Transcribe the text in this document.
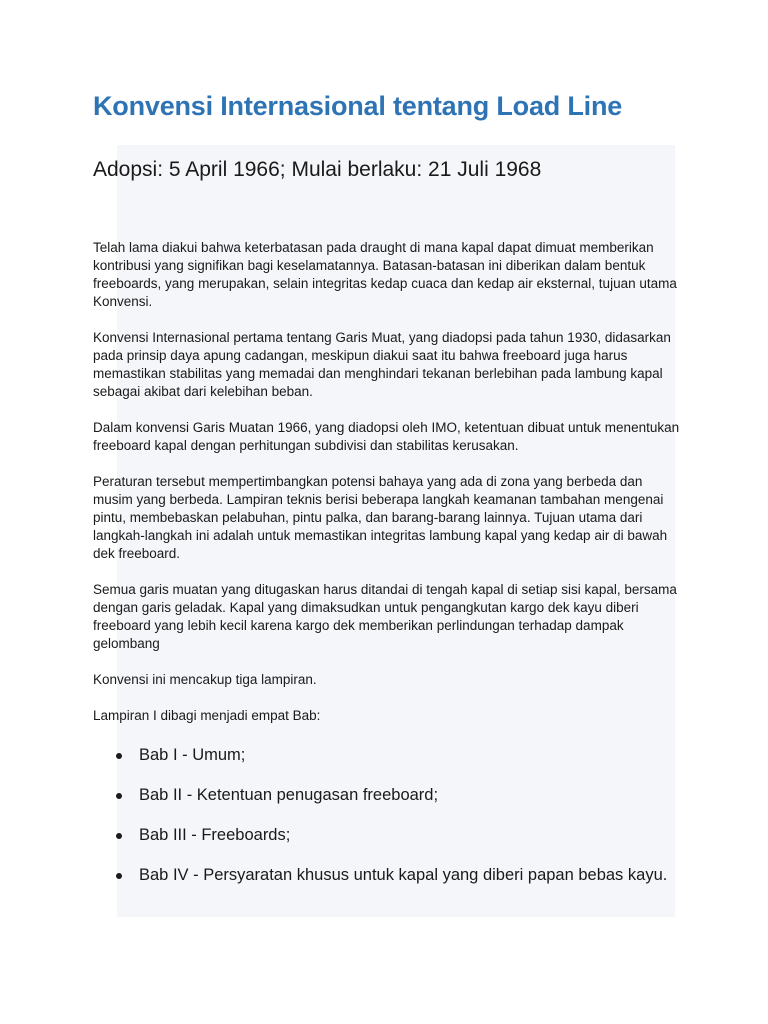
Konvensi Internasional tentang Load Line
Adopsi: 5 April 1966; Mulai berlaku: 21 Juli 1968

Telah lama diakui bahwa keterbatasan pada draught di mana kapal dapat dimuat memberikan kontribusi yang signifikan bagi keselamatannya. Batasan-batasan ini diberikan dalam bentuk freeboards, yang merupakan, selain integritas kedap cuaca dan kedap air eksternal, tujuan utama Konvensi.

Konvensi Internasional pertama tentang Garis Muat, yang diadopsi pada tahun 1930, didasarkan pada prinsip daya apung cadangan, meskipun diakui saat itu bahwa freeboard juga harus memastikan stabilitas yang memadai dan menghindari tekanan berlebihan pada lambung kapal sebagai akibat dari kelebihan beban.

Dalam konvensi Garis Muatan 1966, yang diadopsi oleh IMO, ketentuan dibuat untuk menentukan freeboard kapal dengan perhitungan subdivisi dan stabilitas kerusakan.

Peraturan tersebut mempertimbangkan potensi bahaya yang ada di zona yang berbeda dan musim yang berbeda. Lampiran teknis berisi beberapa langkah keamanan tambahan mengenai pintu, membebaskan pelabuhan, pintu palka, dan barang-barang lainnya. Tujuan utama dari langkah-langkah ini adalah untuk memastikan integritas lambung kapal yang kedap air di bawah dek freeboard.

Semua garis muatan yang ditugaskan harus ditandai di tengah kapal di setiap sisi kapal, bersama dengan garis geladak. Kapal yang dimaksudkan untuk pengangkutan kargo dek kayu diberi freeboard yang lebih kecil karena kargo dek memberikan perlindungan terhadap dampak gelombang

Konvensi ini mencakup tiga lampiran.

Lampiran I dibagi menjadi empat Bab:

Bab I - Umum;
Bab II - Ketentuan penugasan freeboard;
Bab III - Freeboards;
Bab IV - Persyaratan khusus untuk kapal yang diberi papan bebas kayu.
